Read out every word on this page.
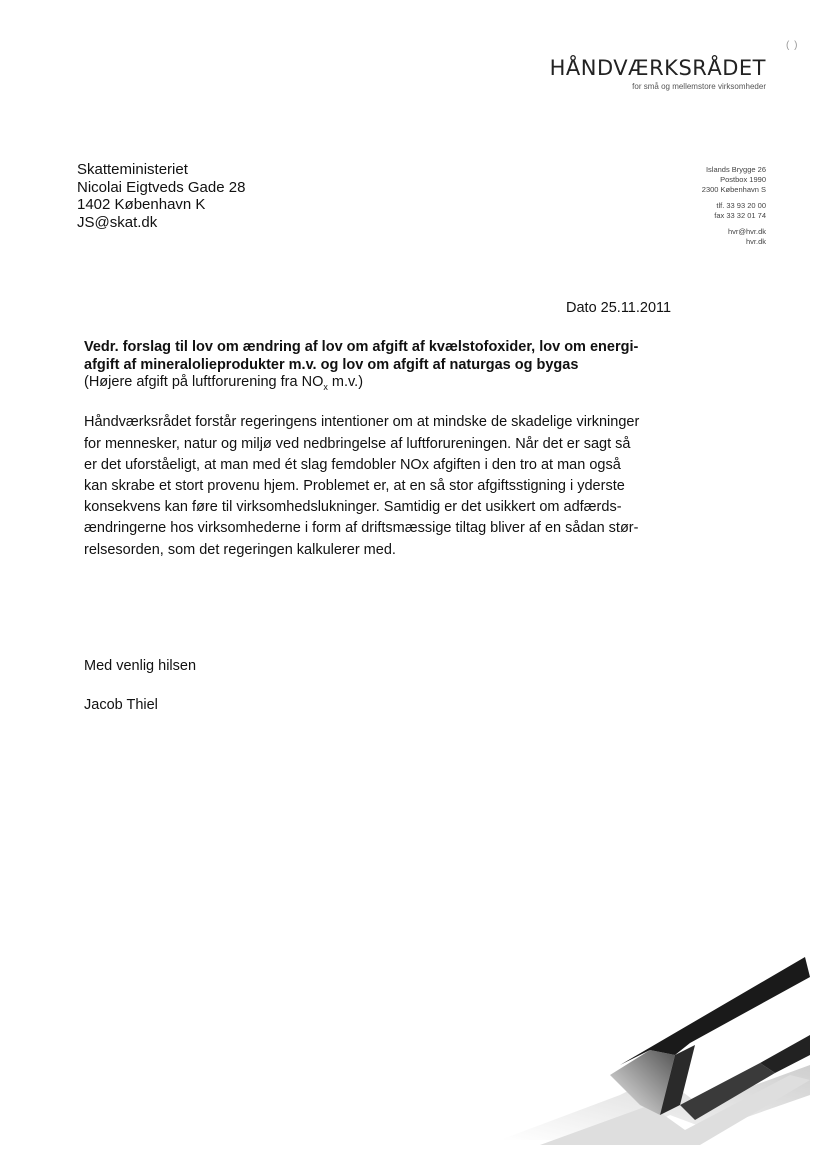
( )
HÅNDVÆRKSRÅDET
for små og mellemstore virksomheder
Skatteministeriet
Nicolai Eigtveds Gade 28
1402 København K
JS@skat.dk
Islands Brygge 26
Postbox 1990
2300 København S
tlf. 33 93 20 00
fax 33 32 01 74
hvr@hvr.dk
hvr.dk
Dato 25.11.2011
Vedr. forslag til lov om ændring af lov om afgift af kvælstofoxider, lov om energi-
afgift af mineralolieprodukter m.v. og lov om afgift af naturgas og bygas
(Højere afgift på luftforurening fra $NO_x$ m.v.)
Håndværksrådet forstår regeringens intentioner om at mindske de skadelige virkninger
for mennesker, natur og miljø ved nedbringelse af luftforureningen. Når det er sagt så
er det uforståeligt, at man med ét slag femdobler NOx afgiften i den tro at man også
kan skrabe et stort provenu hjem. Problemet er, at en så stor afgiftsstigning i yderste
konsekvens kan føre til virksomhedslukninger. Samtidig er det usikkert om adfærds-
ændringerne hos virksomhederne i form af driftsmæssige tiltag bliver af en sådan stør-
relsesorden, som det regeringen kalkulerer med.
Med venlig hilsen
Jacob Thiel
